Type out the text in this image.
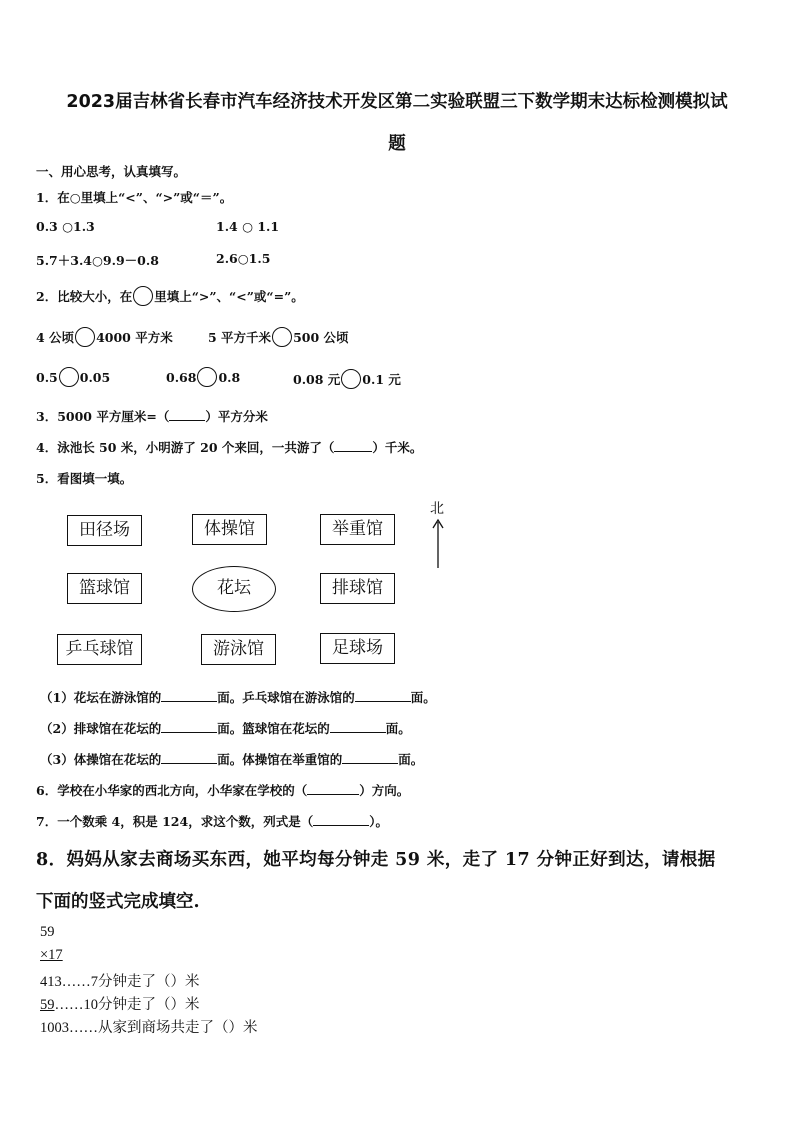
2023届吉林省长春市汽车经济技术开发区第二实验联盟三下数学期末达标检测模拟试
题
一、用心思考，认真填写。
1．在○里填上“<”、“>”或“＝”。
0.3 ○1.3	1.4 ○ 1.1
5.7＋3.4○9.9－0.8	2.6○1.5
2．比较大小，在 里填上“>”、“<”或“=”。
4 公顷 4000 平方米	5 平方千米 500 公顷
0.5 0.05	0.68 0.8	0.08 元 0.1 元
3．5000 平方厘米=（	）平方分米
4．泳池长 50 米，小明游了 20 个来回，一共游了（	）千米。
5．看图填一填。
田径场	体操馆	举重馆
篮球馆	花坛	排球馆
乒乓球馆	游泳馆	足球场
北
（1）花坛在游泳馆的	面。乒乓球馆在游泳馆的	面。
（2）排球馆在花坛的	面。篮球馆在花坛的	面。
（3）体操馆在花坛的	面。体操馆在举重馆的	面。
6．学校在小华家的西北方向，小华家在学校的（	）方向。
7．一个数乘 4，积是 124，求这个数，列式是（	）。
8．妈妈从家去商场买东西，她平均每分钟走 59 米，走了 17 分钟正好到达，请根据
下面的竖式完成填空.
59
×17
413……7分钟走了（）米
59……10分钟走了（）米
1003……从家到商场共走了（）米
